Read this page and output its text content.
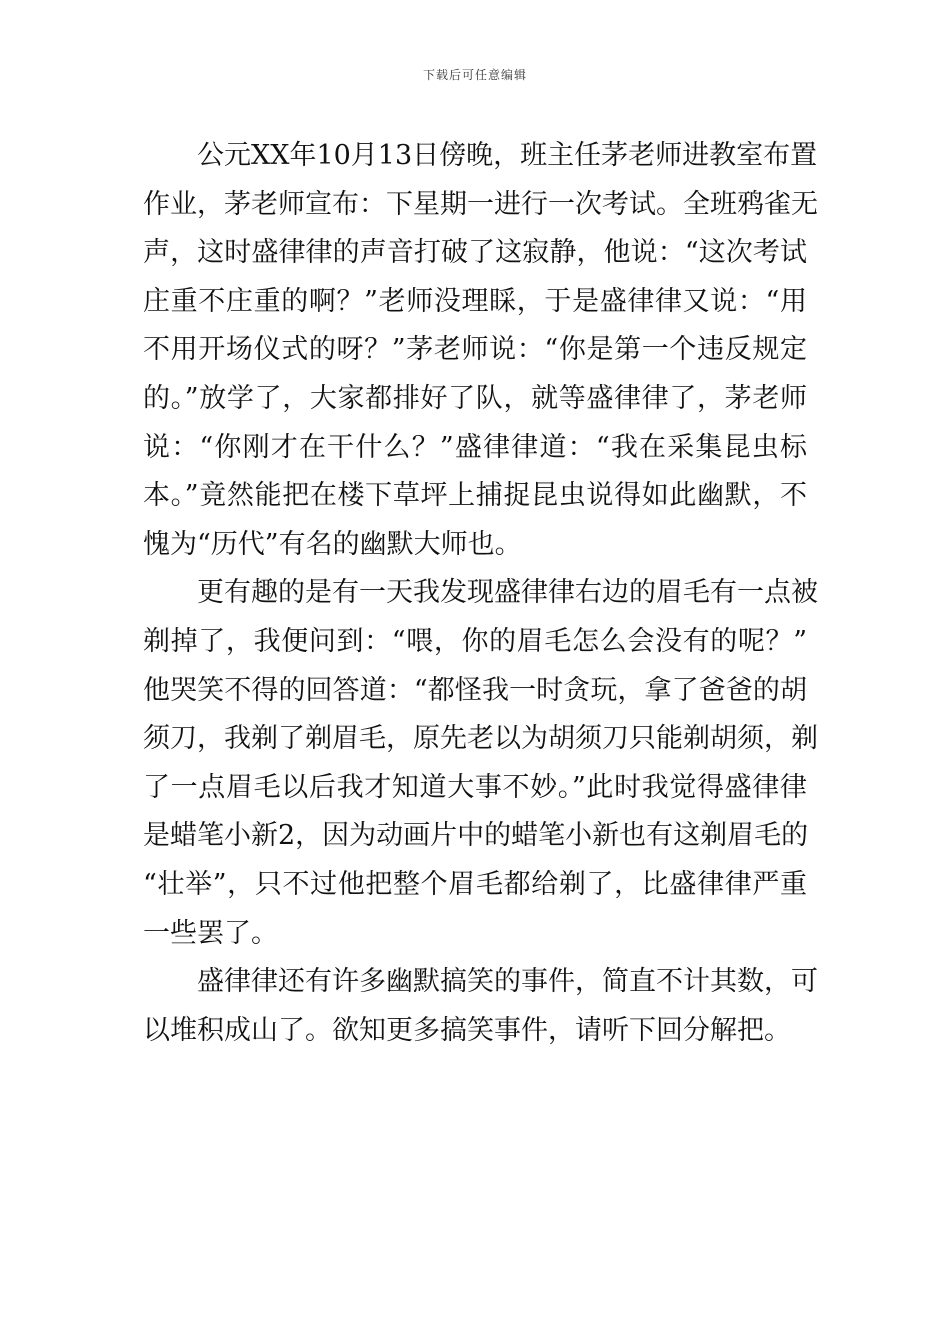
下载后可任意编辑
公元XX年10月13日傍晚，班主任茅老师进教室布置
作业，茅老师宣布：下星期一进行一次考试。全班鸦雀无
声，这时盛律律的声音打破了这寂静，他说：“这次考试
庄重不庄重的啊？”老师没理睬，于是盛律律又说：“用
不用开场仪式的呀？”茅老师说：“你是第一个违反规定
的。”放学了，大家都排好了队，就等盛律律了，茅老师
说：“你刚才在干什么？”盛律律道：“我在采集昆虫标
本。”竟然能把在楼下草坪上捕捉昆虫说得如此幽默，不
愧为“历代”有名的幽默大师也。
更有趣的是有一天我发现盛律律右边的眉毛有一点被
剃掉了，我便问到：“喂，你的眉毛怎么会没有的呢？”
他哭笑不得的回答道：“都怪我一时贪玩，拿了爸爸的胡
须刀，我剃了剃眉毛，原先老以为胡须刀只能剃胡须，剃
了一点眉毛以后我才知道大事不妙。”此时我觉得盛律律
是蜡笔小新2，因为动画片中的蜡笔小新也有这剃眉毛的
“壮举”，只不过他把整个眉毛都给剃了，比盛律律严重
一些罢了。
盛律律还有许多幽默搞笑的事件，简直不计其数，可
以堆积成山了。欲知更多搞笑事件，请听下回分解把。
